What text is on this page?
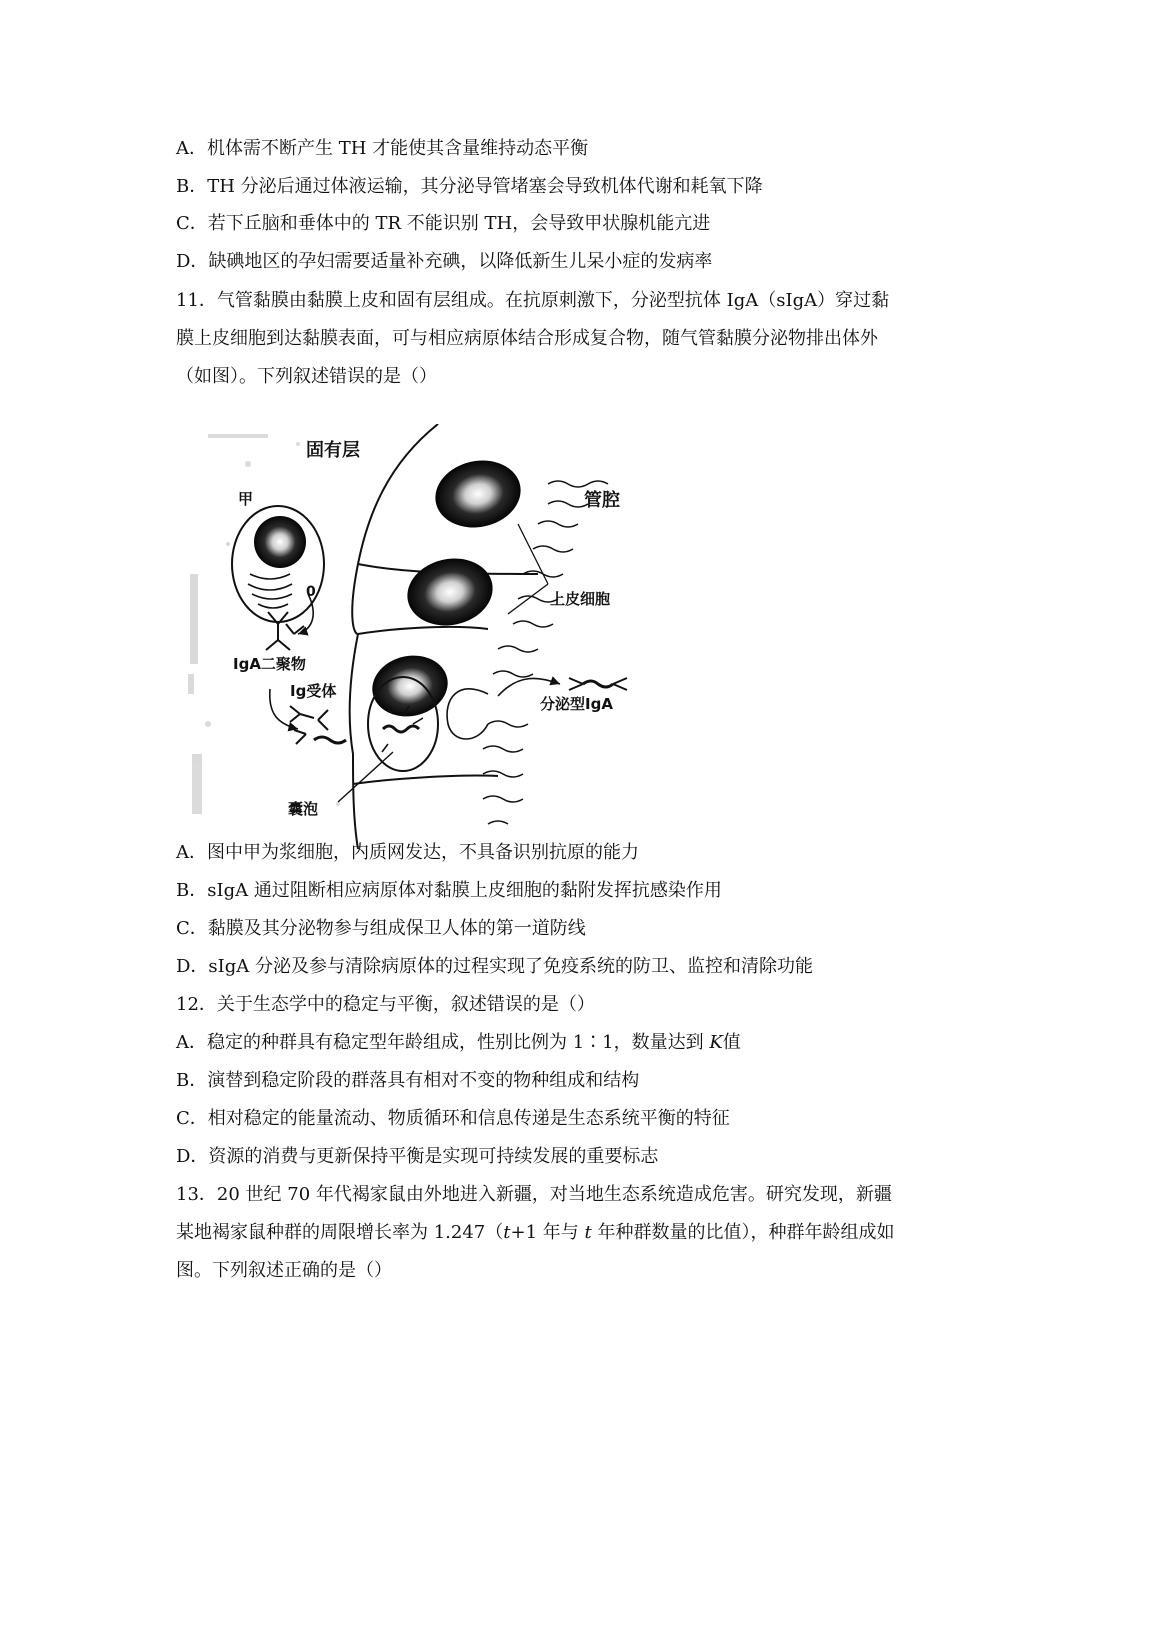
A．机体需不断产生 TH 才能使其含量维持动态平衡
B．TH 分泌后通过体液运输，其分泌导管堵塞会导致机体代谢和耗氧下降
C．若下丘脑和垂体中的 TR 不能识别 TH，会导致甲状腺机能亢进
D．缺碘地区的孕妇需要适量补充碘，以降低新生儿呆小症的发病率
11．气管黏膜由黏膜上皮和固有层组成。在抗原刺激下，分泌型抗体 IgA（sIgA）穿过黏
膜上皮细胞到达黏膜表面，可与相应病原体结合形成复合物，随气管黏膜分泌物排出体外
（如图）。下列叙述错误的是（）
0
固有层
管腔
甲
上皮细胞
IgA二聚物
Ig受体
分泌型IgA
囊泡
A．图中甲为浆细胞，内质网发达，不具备识别抗原的能力
B．sIgA 通过阻断相应病原体对黏膜上皮细胞的黏附发挥抗感染作用
C．黏膜及其分泌物参与组成保卫人体的第一道防线
D．sIgA 分泌及参与清除病原体的过程实现了免疫系统的防卫、监控和清除功能
12．关于生态学中的稳定与平衡，叙述错误的是（）
A．稳定的种群具有稳定型年龄组成，性别比例为 1∶1，数量达到 K值
B．演替到稳定阶段的群落具有相对不变的物种组成和结构
C．相对稳定的能量流动、物质循环和信息传递是生态系统平衡的特征
D．资源的消费与更新保持平衡是实现可持续发展的重要标志
13．20 世纪 70 年代褐家鼠由外地进入新疆，对当地生态系统造成危害。研究发现，新疆
某地褐家鼠种群的周限增长率为 1.247（t+1 年与 t 年种群数量的比值），种群年龄组成如
图。下列叙述正确的是（）
